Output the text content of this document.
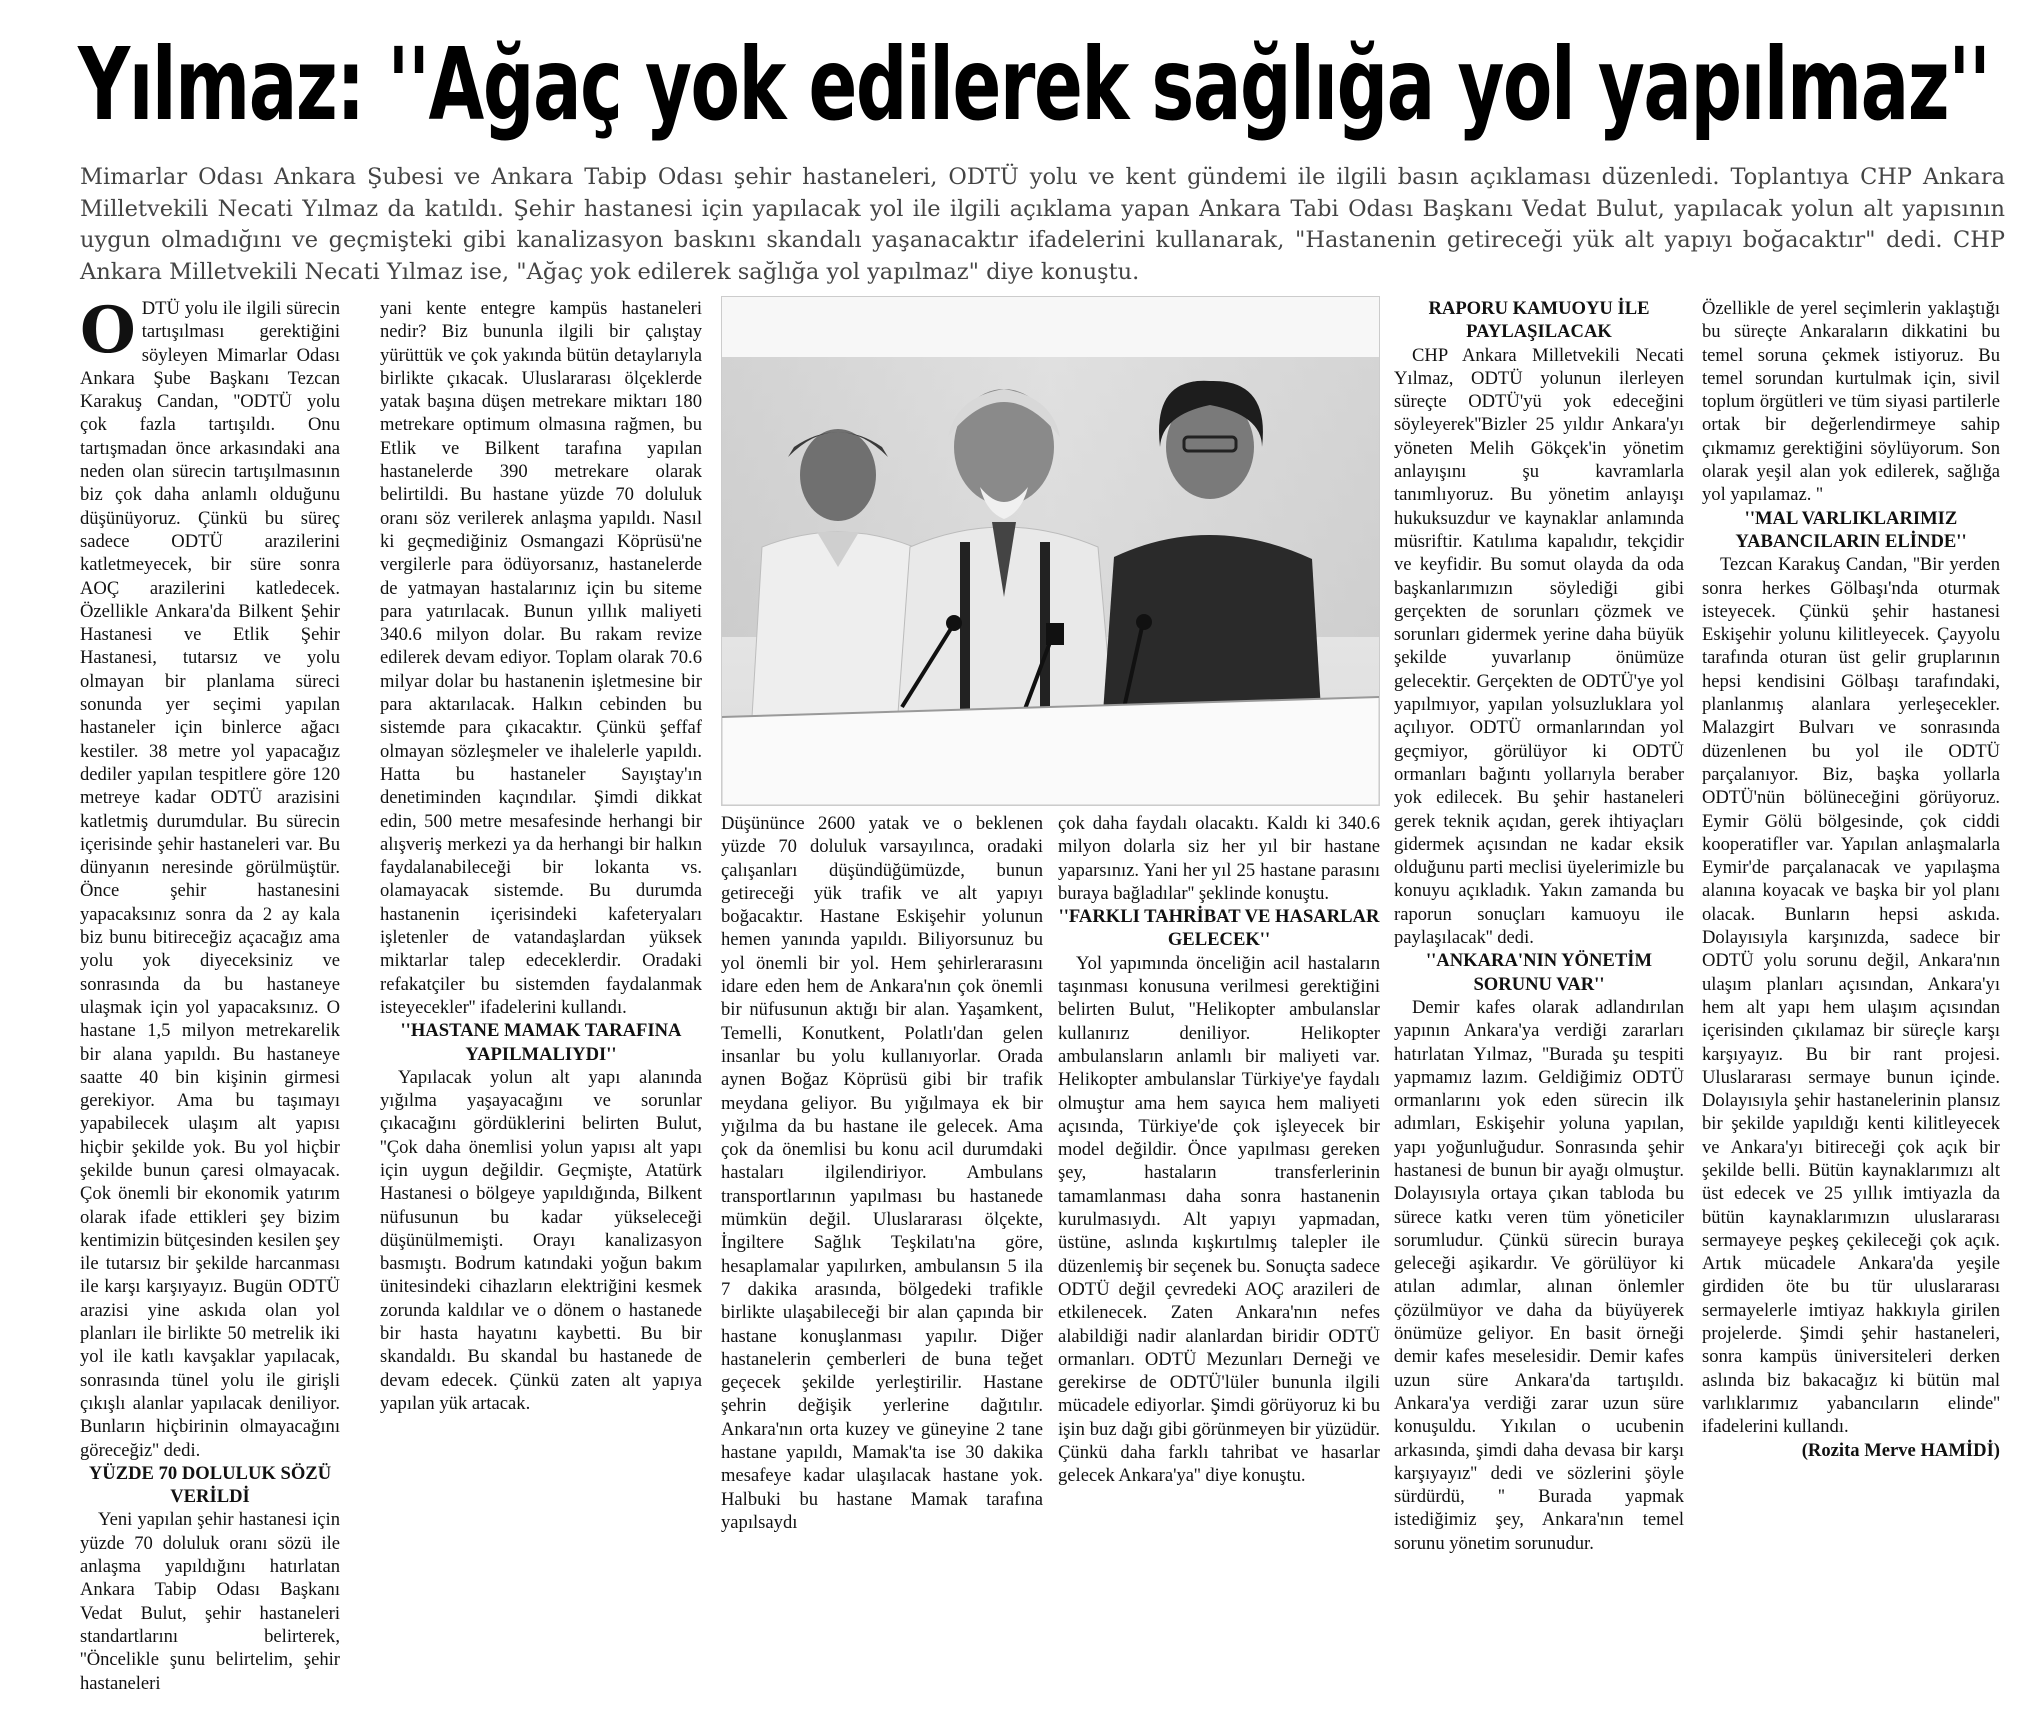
Yılmaz: ''Ağaç yok edilerek sağlığa yol yapılmaz''
Mimarlar Odası Ankara Şubesi ve Ankara Tabip Odası şehir hastaneleri, ODTÜ yolu ve kent gündemi ile ilgili basın açıklaması düzenledi. Toplantıya CHP Ankara Milletvekili Necati Yılmaz da katıldı. Şehir hastanesi için yapılacak yol ile ilgili açıklama yapan Ankara Tabi Odası Başkanı Vedat Bulut, yapılacak yolun alt yapısının uygun olmadığını ve geçmişteki gibi kanalizasyon baskını skandalı yaşanacaktır ifadelerini kullanarak, "Hastanenin getireceği yük alt yapıyı boğacaktır" dedi. CHP Ankara Milletvekili Necati Yılmaz ise, "Ağaç yok edilerek sağlığa yol yapılmaz" diye konuştu.

ODTÜ yolu ile ilgili sürecin tartışılması gerektiğini söyleyen Mimarlar Odası Ankara Şube Başkanı Tezcan Karakuş Candan, ''ODTÜ yolu çok fazla tartışıldı. Onu tartışmadan önce arkasındaki ana neden olan sürecin tartışılmasının biz çok daha anlamlı olduğunu düşünüyoruz. Çünkü bu süreç sadece ODTÜ arazilerini katletmeyecek, bir süre sonra AOÇ arazilerini katledecek. Özellikle Ankara'da Bilkent Şehir Hastanesi ve Etlik Şehir Hastanesi, tutarsız ve yolu olmayan bir planlama süreci sonunda yer seçimi yapılan hastaneler için binlerce ağacı kestiler. 38 metre yol yapacağız dediler yapılan tespitlere göre 120 metreye kadar ODTÜ arazisini katletmiş durumdular. Bu sürecin içerisinde şehir hastaneleri var. Bu dünyanın neresinde görülmüştür. Önce şehir hastanesini yapacaksınız sonra da 2 ay kala biz bunu bitireceğiz açacağız ama yolu yok diyeceksiniz ve sonrasında da bu hastaneye ulaşmak için yol yapacaksınız. O hastane 1,5 milyon metrekarelik bir alana yapıldı. Bu hastaneye saatte 40 bin kişinin girmesi gerekiyor. Ama bu taşımayı yapabilecek ulaşım alt yapısı hiçbir şekilde yok. Bu yol hiçbir şekilde bunun çaresi olmayacak. Çok önemli bir ekonomik yatırım olarak ifade ettikleri şey bizim kentimizin bütçesinden kesilen şey ile tutarsız bir şekilde harcanması ile karşı karşıyayız. Bugün ODTÜ arazisi yine askıda olan yol planları ile birlikte 50 metrelik iki yol ile katlı kavşaklar yapılacak, sonrasında tünel yolu ile girişli çıkışlı alanlar yapılacak deniliyor. Bunların hiçbirinin olmayacağını göreceğiz'' dedi.

YÜZDE 70 DOLULUK SÖZÜ VERİLDİ

Yeni yapılan şehir hastanesi için yüzde 70 doluluk oranı sözü ile anlaşma yapıldığını hatırlatan Ankara Tabip Odası Başkanı Vedat Bulut, şehir hastaneleri standartlarını belirterek, ''Öncelikle şunu belirtelim, şehir hastaneleri

yani kente entegre kampüs hastaneleri nedir? Biz bununla ilgili bir çalıştay yürüttük ve çok yakında bütün detaylarıyla birlikte çıkacak. Uluslararası ölçeklerde yatak başına düşen metrekare miktarı 180 metrekare optimum olmasına rağmen, bu Etlik ve Bilkent tarafına yapılan hastanelerde 390 metrekare olarak belirtildi. Bu hastane yüzde 70 doluluk oranı söz verilerek anlaşma yapıldı. Nasıl ki geçmediğiniz Osmangazi Köprüsü'ne vergilerle para ödüyorsanız, hastanelerde de yatmayan hastalarınız için bu siteme para yatırılacak. Bunun yıllık maliyeti 340.6 milyon dolar. Bu rakam revize edilerek devam ediyor. Toplam olarak 70.6 milyar dolar bu hastanenin işletmesine bir para aktarılacak. Halkın cebinden bu sistemde para çıkacaktır. Çünkü şeffaf olmayan sözleşmeler ve ihalelerle yapıldı. Hatta bu hastaneler Sayıştay'ın denetiminden kaçındılar. Şimdi dikkat edin, 500 metre mesafesinde herhangi bir alışveriş merkezi ya da herhangi bir halkın faydalanabileceği bir lokanta vs. olamayacak sistemde. Bu durumda hastanenin içerisindeki kafeteryaları işletenler de vatandaşlardan yüksek miktarlar talep edeceklerdir. Oradaki refakatçiler bu sistemden faydalanmak isteyecekler'' ifadelerini kullandı.

''HASTANE MAMAK TARAFINA YAPILMALIYDI''

Yapılacak yolun alt yapı alanında yığılma yaşayacağını ve sorunlar çıkacağını gördüklerini belirten Bulut, ''Çok daha önemlisi yolun yapısı alt yapı için uygun değildir. Geçmişte, Atatürk Hastanesi o bölgeye yapıldığında, Bilkent nüfusunun bu kadar yükseleceği düşünülmemişti. Orayı kanalizasyon basmıştı. Bodrum katındaki yoğun bakım ünitesindeki cihazların elektriğini kesmek zorunda kaldılar ve o dönem o hastanede bir hasta hayatını kaybetti. Bu bir skandaldı. Bu skandal bu hastanede de devam edecek. Çünkü zaten alt yapıya yapılan yük artacak.

Düşününce 2600 yatak ve o beklenen yüzde 70 doluluk varsayılınca, oradaki çalışanları düşündüğümüzde, bunun getireceği yük trafik ve alt yapıyı boğacaktır. Hastane Eskişehir yolunun hemen yanında yapıldı. Biliyorsunuz bu yol önemli bir yol. Hem şehirlerarasını idare eden hem de Ankara'nın çok önemli bir nüfusunun aktığı bir alan. Yaşamkent, Temelli, Konutkent, Polatlı'dan gelen insanlar bu yolu kullanıyorlar. Orada aynen Boğaz Köprüsü gibi bir trafik meydana geliyor. Bu yığılmaya ek bir yığılma da bu hastane ile gelecek. Ama çok da önemlisi bu konu acil durumdaki hastaları ilgilendiriyor. Ambulans transportlarının yapılması bu hastanede mümkün değil. Uluslararası ölçekte, İngiltere Sağlık Teşkilatı'na göre, hesaplamalar yapılırken, ambulansın 5 ila 7 dakika arasında, bölgedeki trafikle birlikte ulaşabileceği bir alan çapında bir hastane konuşlanması yapılır. Diğer hastanelerin çemberleri de buna teğet geçecek şekilde yerleştirilir. Hastane şehrin değişik yerlerine dağıtılır. Ankara'nın orta kuzey ve güneyine 2 tane hastane yapıldı, Mamak'ta ise 30 dakika mesafeye kadar ulaşılacak hastane yok. Halbuki bu hastane Mamak tarafına yapılsaydı

çok daha faydalı olacaktı. Kaldı ki 340.6 milyon dolarla siz her yıl bir hastane yaparsınız. Yani her yıl 25 hastane parasını buraya bağladılar'' şeklinde konuştu.

''FARKLI TAHRİBAT VE HASARLAR GELECEK''

Yol yapımında önceliğin acil hastaların taşınması konusuna verilmesi gerektiğini belirten Bulut, ''Helikopter ambulanslar kullanırız deniliyor. Helikopter ambulansların anlamlı bir maliyeti var. Helikopter ambulanslar Türkiye'ye faydalı olmuştur ama hem sayıca hem maliyeti açısında, Türkiye'de çok işleyecek bir model değildir. Önce yapılması gereken şey, hastaların transferlerinin tamamlanması daha sonra hastanenin kurulmasıydı. Alt yapıyı yapmadan, üstüne, aslında kışkırtılmış talepler ile düzenlemiş bir seçenek bu. Sonuçta sadece ODTÜ değil çevredeki AOÇ arazileri de etkilenecek. Zaten Ankara'nın nefes alabildiği nadir alanlardan biridir ODTÜ ormanları. ODTÜ Mezunları Derneği ve gerekirse de ODTÜ'lüler bununla ilgili mücadele ediyorlar. Şimdi görüyoruz ki bu işin buz dağı gibi görünmeyen bir yüzüdür. Çünkü daha farklı tahribat ve hasarlar gelecek Ankara'ya'' diye konuştu.

RAPORU KAMUOYU İLE PAYLAŞILACAK

CHP Ankara Milletvekili Necati Yılmaz, ODTÜ yolunun ilerleyen süreçte ODTÜ'yü yok edeceğini söyleyerek''Bizler 25 yıldır Ankara'yı yöneten Melih Gökçek'in yönetim anlayışını şu kavramlarla tanımlıyoruz. Bu yönetim anlayışı hukuksuzdur ve kaynaklar anlamında müsriftir. Katılıma kapalıdır, tekçidir ve keyfidir. Bu somut olayda da oda başkanlarımızın söylediği gibi gerçekten de sorunları çözmek ve sorunları gidermek yerine daha büyük şekilde yuvarlanıp önümüze gelecektir. Gerçekten de ODTÜ'ye yol yapılmıyor, yapılan yolsuzluklara yol açılıyor. ODTÜ ormanlarından yol geçmiyor, görülüyor ki ODTÜ ormanları bağıntı yollarıyla beraber yok edilecek. Bu şehir hastaneleri gerek teknik açıdan, gerek ihtiyaçları gidermek açısından ne kadar eksik olduğunu parti meclisi üyelerimizle bu konuyu açıkladık. Yakın zamanda bu raporun sonuçları kamuoyu ile paylaşılacak'' dedi.

''ANKARA'NIN YÖNETİM SORUNU VAR''

Demir kafes olarak adlandırılan yapının Ankara'ya verdiği zararları hatırlatan Yılmaz, ''Burada şu tespiti yapmamız lazım. Geldiğimiz ODTÜ ormanlarını yok eden sürecin ilk adımları, Eskişehir yoluna yapılan, yapı yoğunluğudur. Sonrasında şehir hastanesi de bunun bir ayağı olmuştur. Dolayısıyla ortaya çıkan tabloda bu sürece katkı veren tüm yöneticiler sorumludur. Çünkü sürecin buraya geleceği aşikardır. Ve görülüyor ki atılan adımlar, alınan önlemler çözülmüyor ve daha da büyüyerek önümüze geliyor. En basit örneği demir kafes meselesidir. Demir kafes uzun süre Ankara'da tartışıldı. Ankara'ya verdiği zarar uzun süre konuşuldu. Yıkılan o ucubenin arkasında, şimdi daha devasa bir karşı karşıyayız'' dedi ve sözlerini şöyle sürdürdü, '' Burada yapmak istediğimiz şey, Ankara'nın temel sorunu yönetim sorunudur.

Özellikle de yerel seçimlerin yaklaştığı bu süreçte Ankaraların dikkatini bu temel soruna çekmek istiyoruz. Bu temel sorundan kurtulmak için, sivil toplum örgütleri ve tüm siyasi partilerle ortak bir değerlendirmeye sahip çıkmamız gerektiğini söylüyorum. Son olarak yeşil alan yok edilerek, sağlığa yol yapılamaz. ''

''MAL VARLIKLARIMIZ YABANCILARIN ELİNDE''

Tezcan Karakuş Candan, ''Bir yerden sonra herkes Gölbaşı'nda oturmak isteyecek. Çünkü şehir hastanesi Eskişehir yolunu kilitleyecek. Çayyolu tarafında oturan üst gelir gruplarının hepsi kendisini Gölbaşı tarafındaki, planlanmış alanlara yerleşecekler. Malazgirt Bulvarı ve sonrasında düzenlenen bu yol ile ODTÜ parçalanıyor. Biz, başka yollarla ODTÜ'nün bölüneceğini görüyoruz. Eymir Gölü bölgesinde, çok ciddi kooperatifler var. Yapılan anlaşmalarla Eymir'de parçalanacak ve yapılaşma alanına koyacak ve başka bir yol planı olacak. Bunların hepsi askıda. Dolayısıyla karşınızda, sadece bir ODTÜ yolu sorunu değil, Ankara'nın ulaşım planları açısından, Ankara'yı hem alt yapı hem ulaşım açısından içerisinden çıkılamaz bir süreçle karşı karşıyayız. Bu bir rant projesi. Uluslararası sermaye bunun içinde. Dolayısıyla şehir hastanelerinin plansız bir şekilde yapıldığı kenti kilitleyecek ve Ankara'yı bitireceği çok açık bir şekilde belli. Bütün kaynaklarımızı alt üst edecek ve 25 yıllık imtiyazla da bütün kaynaklarımızın uluslararası sermayeye peşkeş çekileceği çok açık. Artık mücadele Ankara'da yeşile girdiden öte bu tür uluslararası sermayelerle imtiyaz hakkıyla girilen projelerde. Şimdi şehir hastaneleri, sonra kampüs üniversiteleri derken aslında biz bakacağız ki bütün mal varlıklarımız yabancıların elinde'' ifadelerini kullandı.

(Rozita Merve HAMİDİ)
